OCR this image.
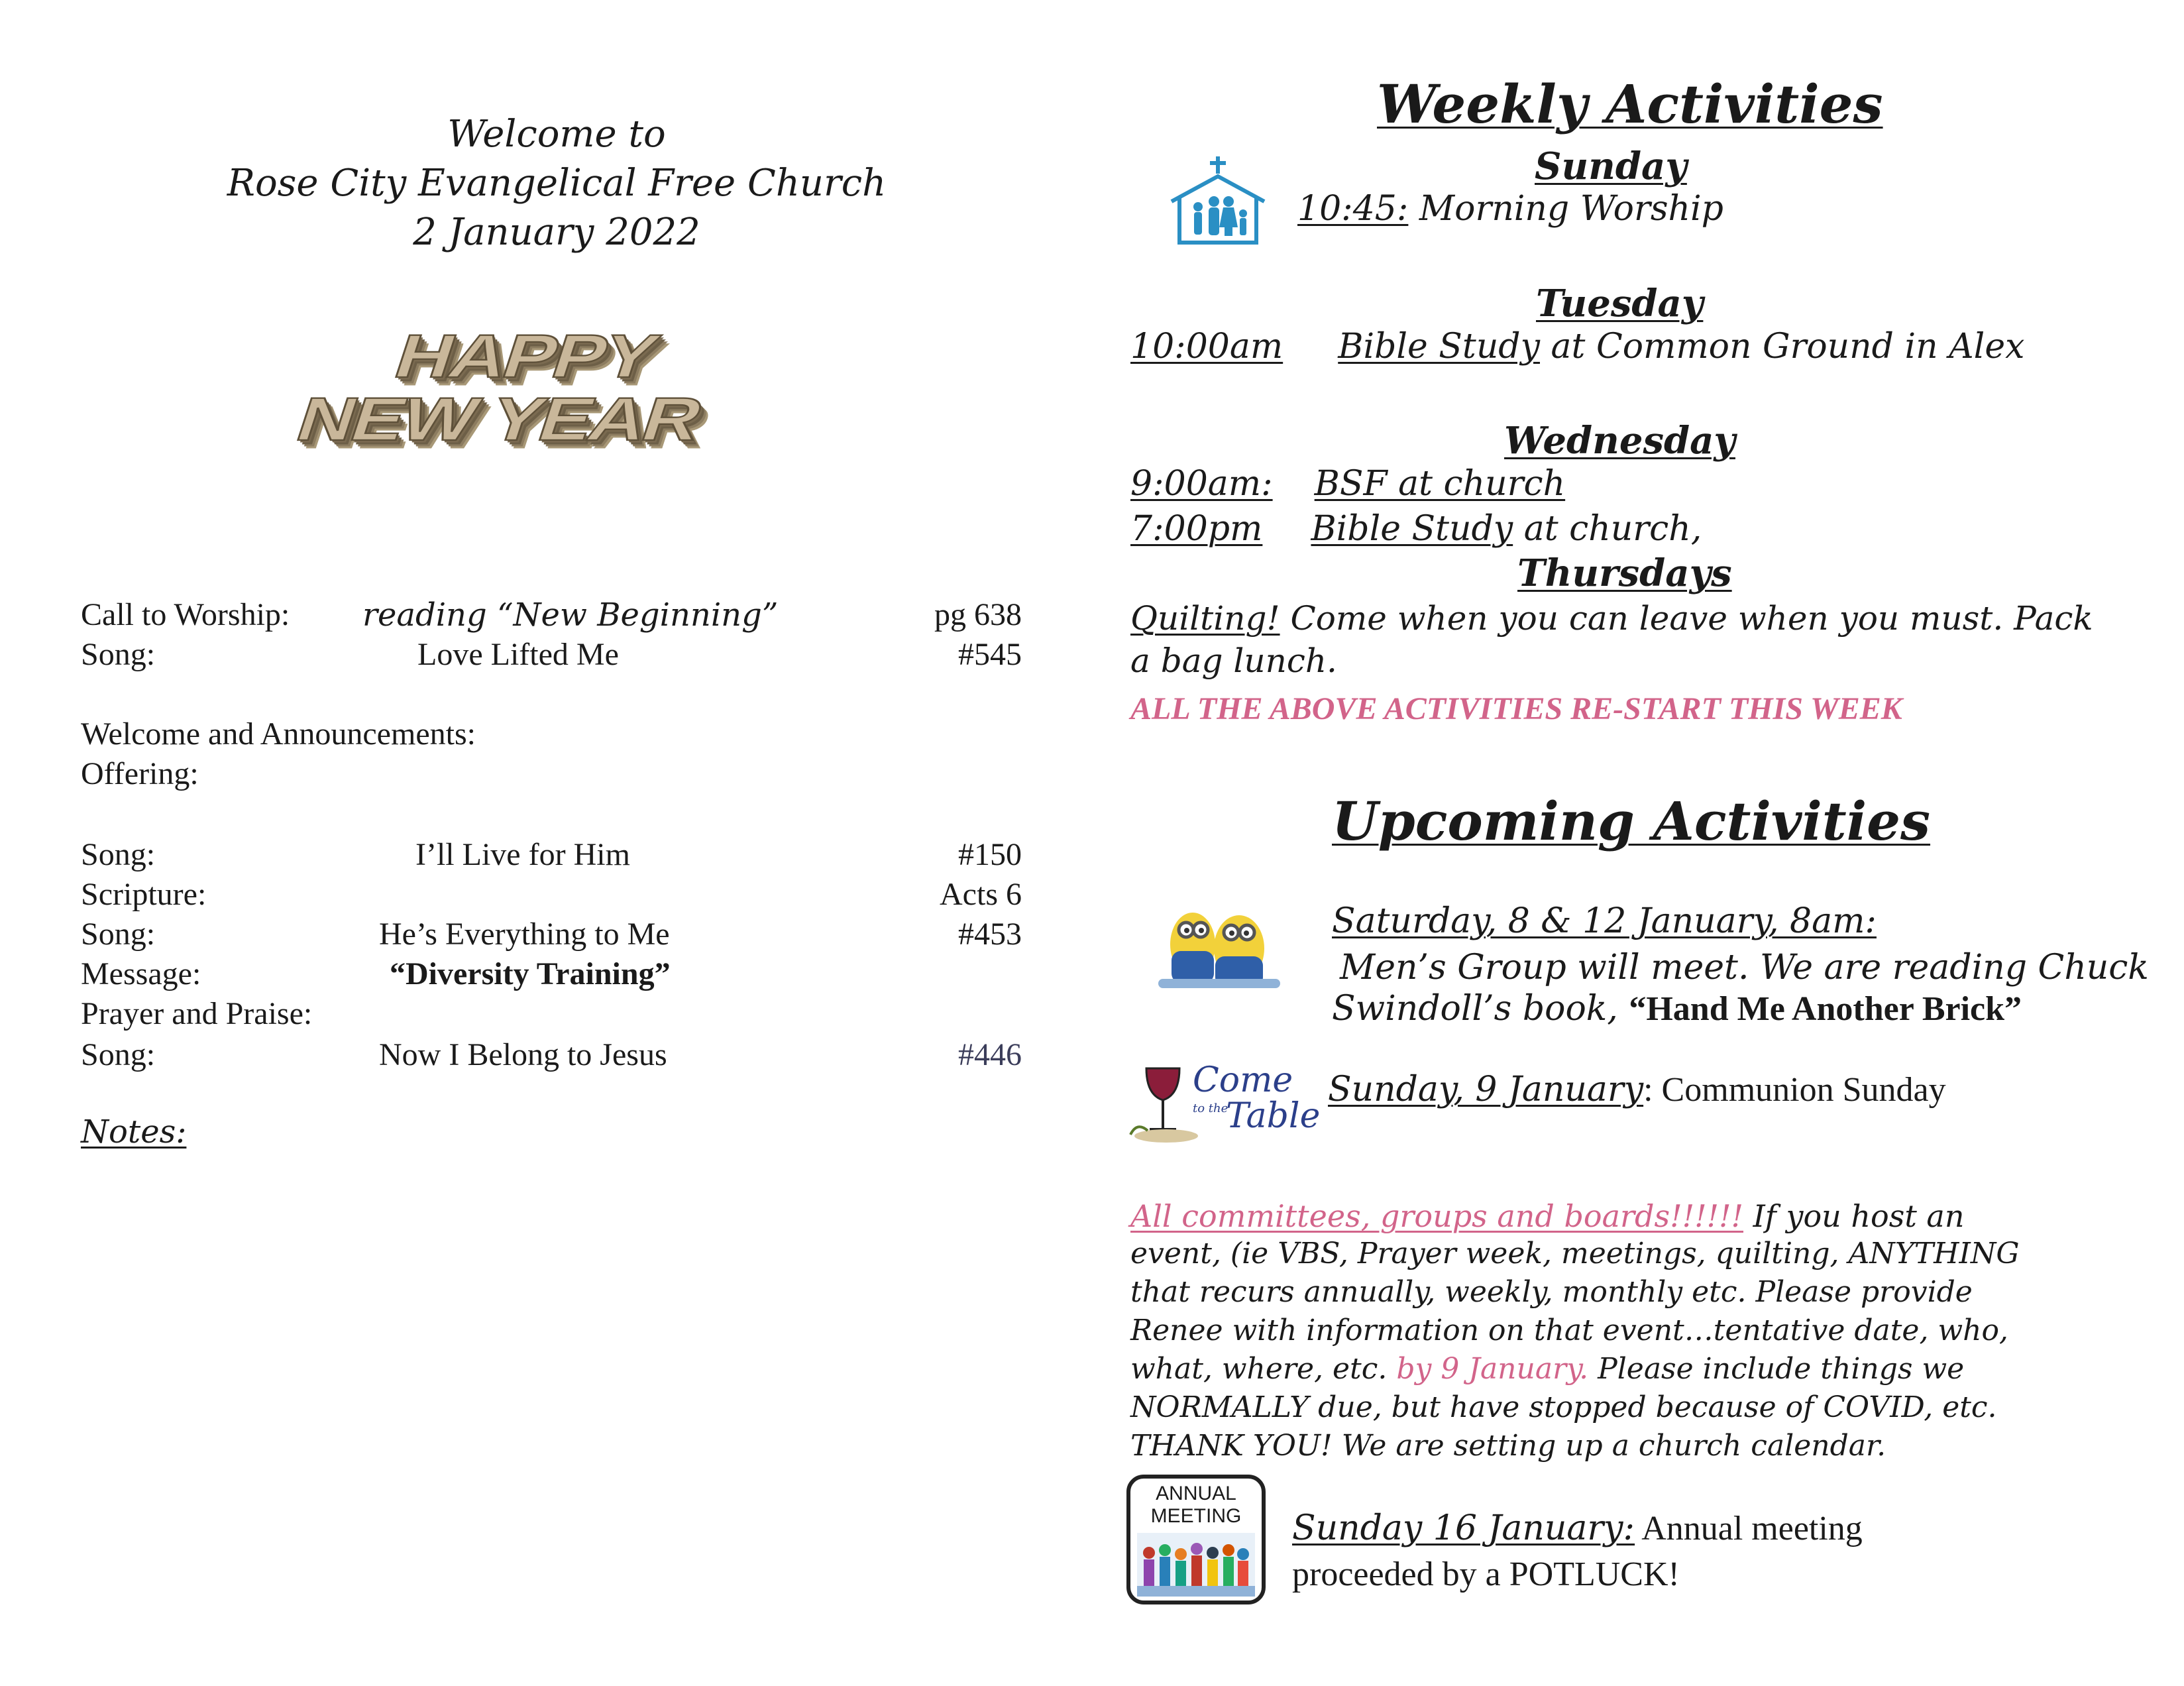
Welcome to
Rose City Evangelical Free Church
2 January 2022
HAPPY
NEW YEAR
Call to Worship: reading “New Beginning”	pg 638
Song:	Love Lifted Me	#545
Welcome and Announcements:
Offering:
Song:	I’ll Live for Him	#150
Scripture:	Acts 6
Song:	He’s Everything to Me	#453
Message:	“Diversity Training”
Prayer and Praise:
Song:	Now I Belong to Jesus	#446
Notes:
Weekly Activities
Sunday
10:45: Morning Worship
Tuesday
10:00am Bible Study at Common Ground in Alex
Wednesday
9:00am: BSF at church
7:00pm Bible Study at church,
Thursdays
Quilting! Come when you can leave when you must. Pack
a bag lunch.
ALL THE ABOVE ACTIVITIES RE-START THIS WEEK
Upcoming Activities
Saturday, 8 & 12 January, 8am:
Men’s Group will meet. We are reading Chuck
Swindoll’s book, “Hand Me Another Brick”
Come
to the
Table
Sunday, 9 January: Communion Sunday
All committees, groups and boards!!!!!! If you host an
event, (ie VBS, Prayer week, meetings, quilting, ANYTHING
that recurs annually, weekly, monthly etc. Please provide
Renee with information on that event…tentative date, who,
what, where, etc. by 9 January. Please include things we
NORMALLY due, but have stopped because of COVID, etc.
THANK YOU! We are setting up a church calendar.
ANNUAL
MEETING	Sunday 16 January: Annual meeting
proceeded by a POTLUCK!
